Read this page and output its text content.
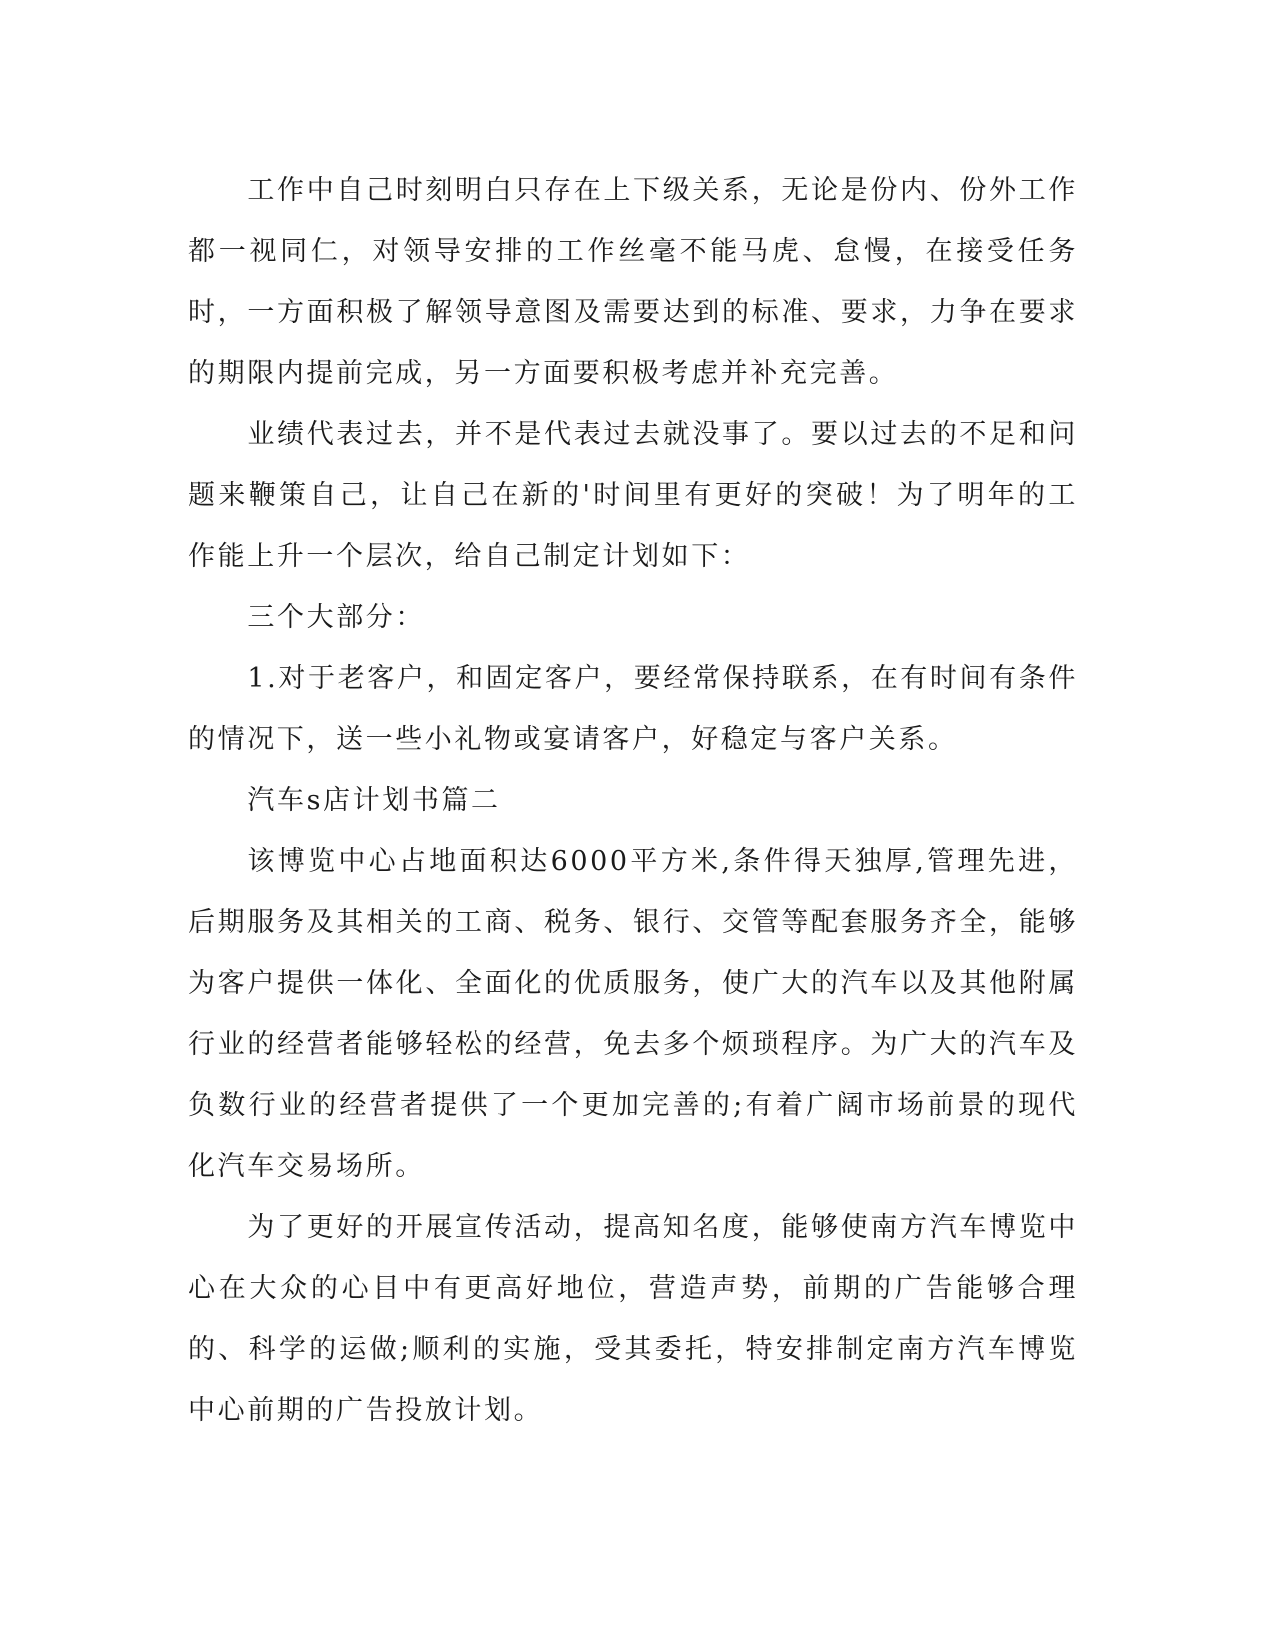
工作中自己时刻明白只存在上下级关系，无论是份内、份外工作都一视同仁，对领导安排的工作丝毫不能马虎、怠慢，在接受任务时，一方面积极了解领导意图及需要达到的标准、要求，力争在要求的期限内提前完成，另一方面要积极考虑并补充完善。

业绩代表过去，并不是代表过去就没事了。要以过去的不足和问题来鞭策自己，让自己在新的'时间里有更好的突破！为了明年的工作能上升一个层次，给自己制定计划如下：

三个大部分：

1.对于老客户，和固定客户，要经常保持联系，在有时间有条件的情况下，送一些小礼物或宴请客户，好稳定与客户关系。

汽车s店计划书篇二

该博览中心占地面积达6000平方米,条件得天独厚,管理先进，后期服务及其相关的工商、税务、银行、交管等配套服务齐全，能够为客户提供一体化、全面化的优质服务，使广大的汽车以及其他附属行业的经营者能够轻松的经营，免去多个烦琐程序。为广大的汽车及负数行业的经营者提供了一个更加完善的;有着广阔市场前景的现代化汽车交易场所。

为了更好的开展宣传活动，提高知名度，能够使南方汽车博览中心在大众的心目中有更高好地位，营造声势，前期的广告能够合理的、科学的运做;顺利的实施，受其委托，特安排制定南方汽车博览中心前期的广告投放计划。
